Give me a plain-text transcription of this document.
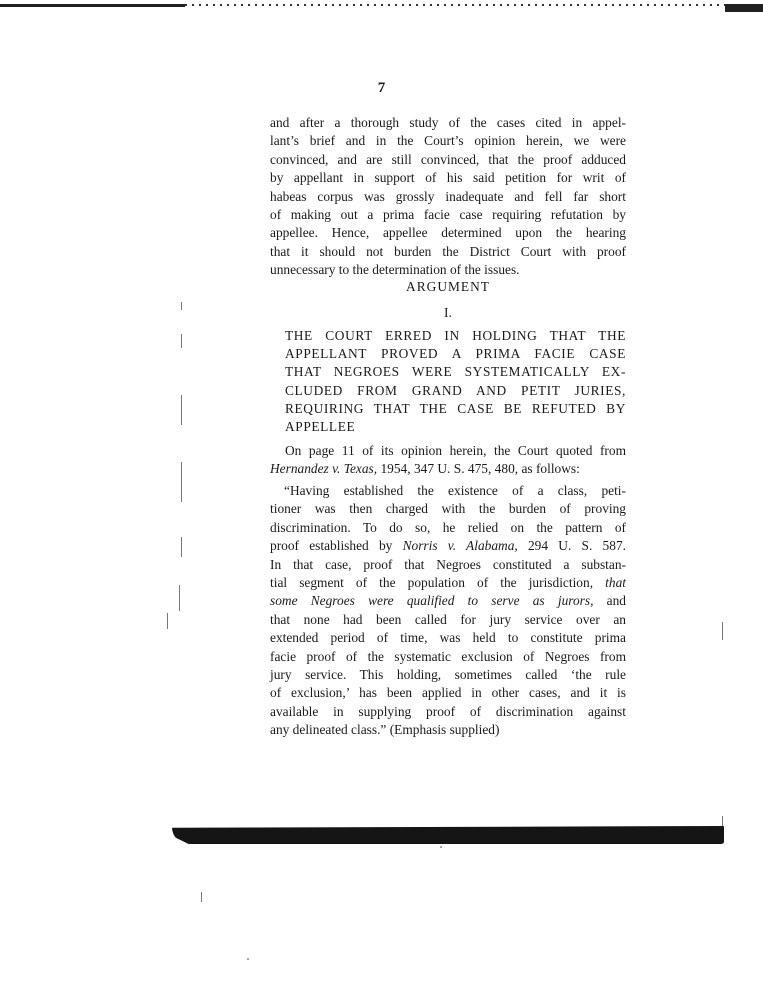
7
and after a thorough study of the cases cited in appel-
lant’s brief and in the Court’s opinion herein, we were
convinced, and are still convinced, that the proof adduced
by appellant in support of his said petition for writ of
habeas corpus was grossly inadequate and fell far short
of making out a prima facie case requiring refutation by
appellee. Hence, appellee determined upon the hearing
that it should not burden the District Court with proof
unnecessary to the determination of the issues.
ARGUMENT
I.
THE COURT ERRED IN HOLDING THAT THE
APPELLANT PROVED A PRIMA FACIE CASE
THAT NEGROES WERE SYSTEMATICALLY EX-
CLUDED FROM GRAND AND PETIT JURIES,
REQUIRING THAT THE CASE BE REFUTED BY
APPELLEE
On page 11 of its opinion herein, the Court quoted from
Hernandez v. Texas, 1954, 347 U. S. 475, 480, as follows:
“Having established the existence of a class, peti-
tioner was then charged with the burden of proving
discrimination. To do so, he relied on the pattern of
proof established by Norris v. Alabama, 294 U. S. 587.
In that case, proof that Negroes constituted a substan-
tial segment of the population of the jurisdiction, that
some Negroes were qualified to serve as jurors, and
that none had been called for jury service over an
extended period of time, was held to constitute prima
facie proof of the systematic exclusion of Negroes from
jury service. This holding, sometimes called ‘the rule
of exclusion,’ has been applied in other cases, and it is
available in supplying proof of discrimination against
any delineated class.” (Emphasis supplied)
